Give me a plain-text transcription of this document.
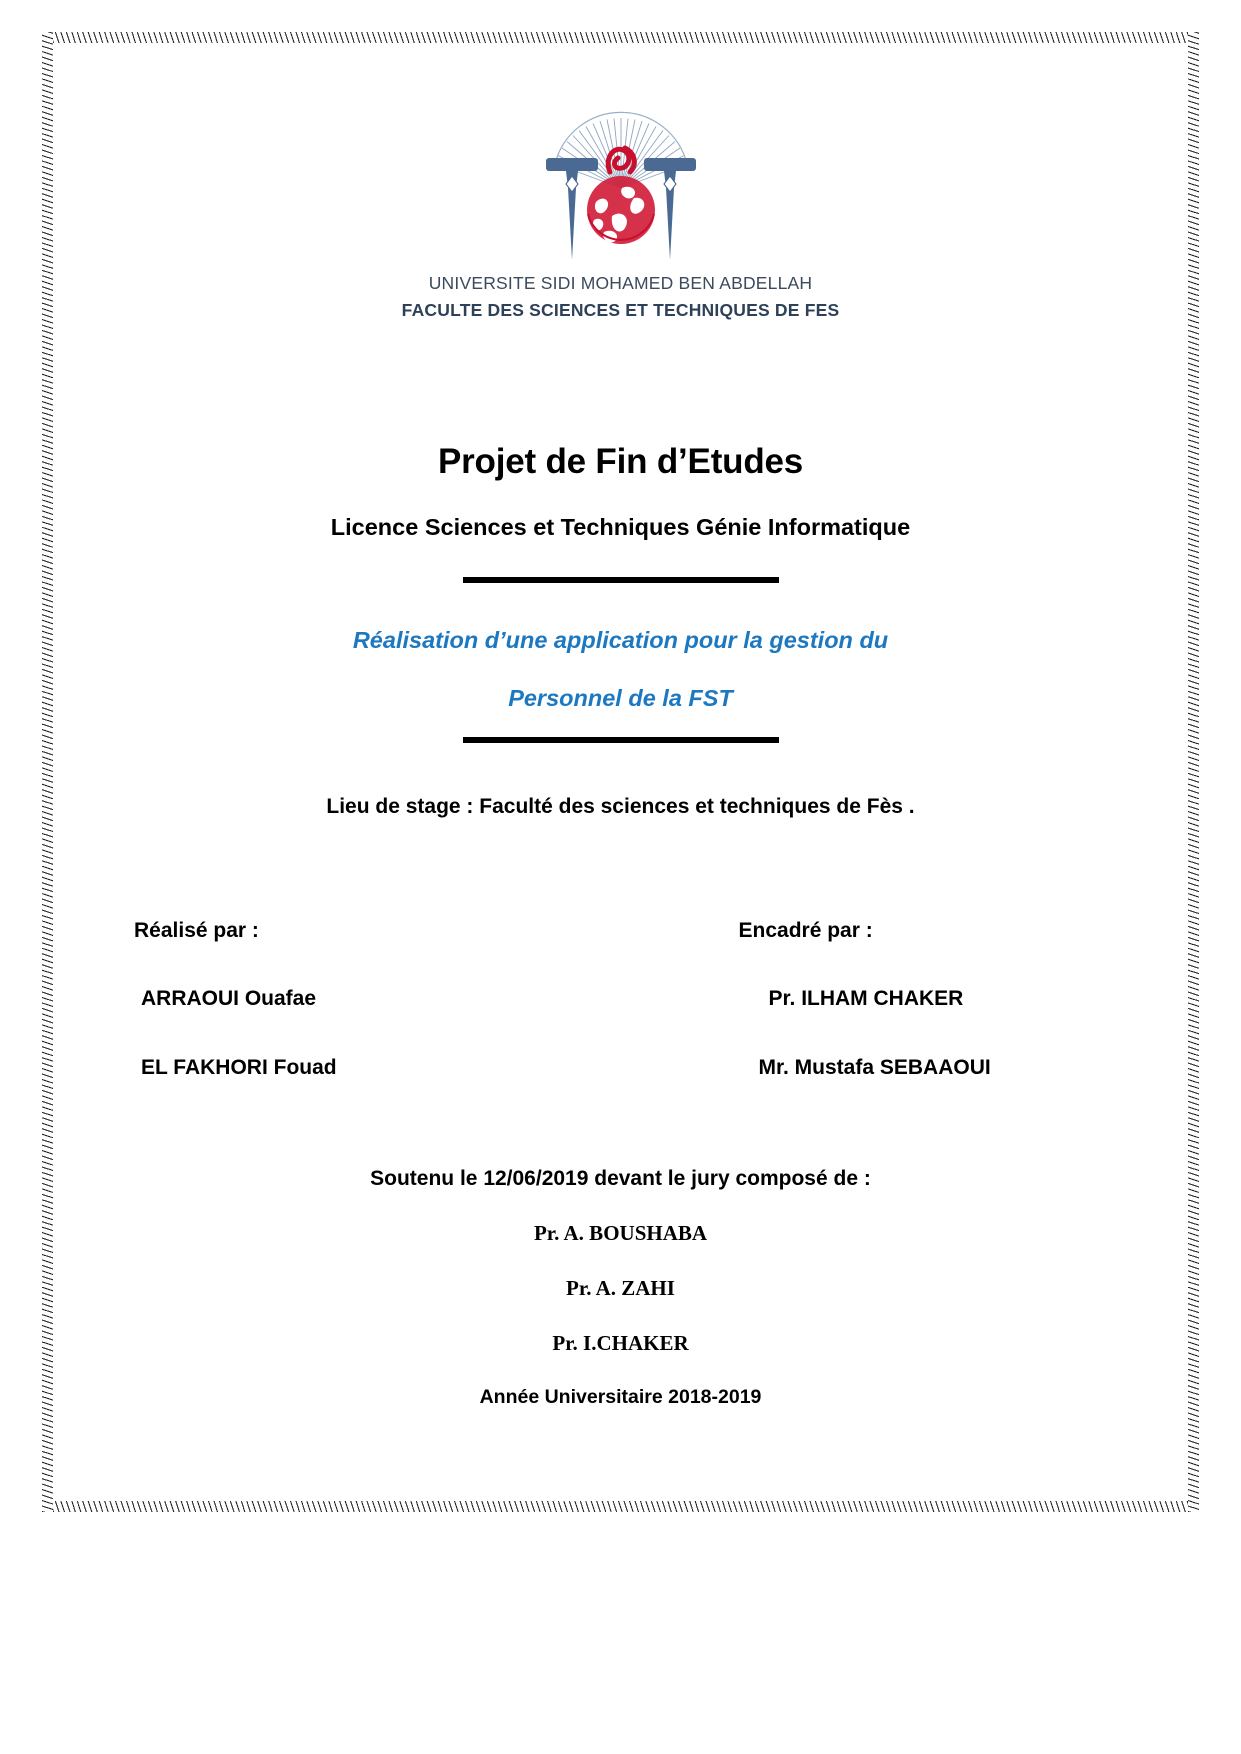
UNIVERSITE SIDI MOHAMED BEN ABDELLAH
FACULTE DES SCIENCES ET TECHNIQUES DE FES
Projet de Fin d’Etudes
Licence Sciences et Techniques Génie Informatique
Réalisation d’une application pour la gestion du
Personnel de la FST
Lieu de stage : Faculté des sciences et techniques de Fès .
Réalisé par :
ARRAOUI Ouafae
EL FAKHORI Fouad
Encadré par :
Pr. ILHAM CHAKER
Mr. Mustafa SEBAAOUI
Soutenu le 12/06/2019 devant le jury composé de :
Pr. A. BOUSHABA
Pr. A. ZAHI
Pr. I.CHAKER
Année Universitaire 2018-2019
